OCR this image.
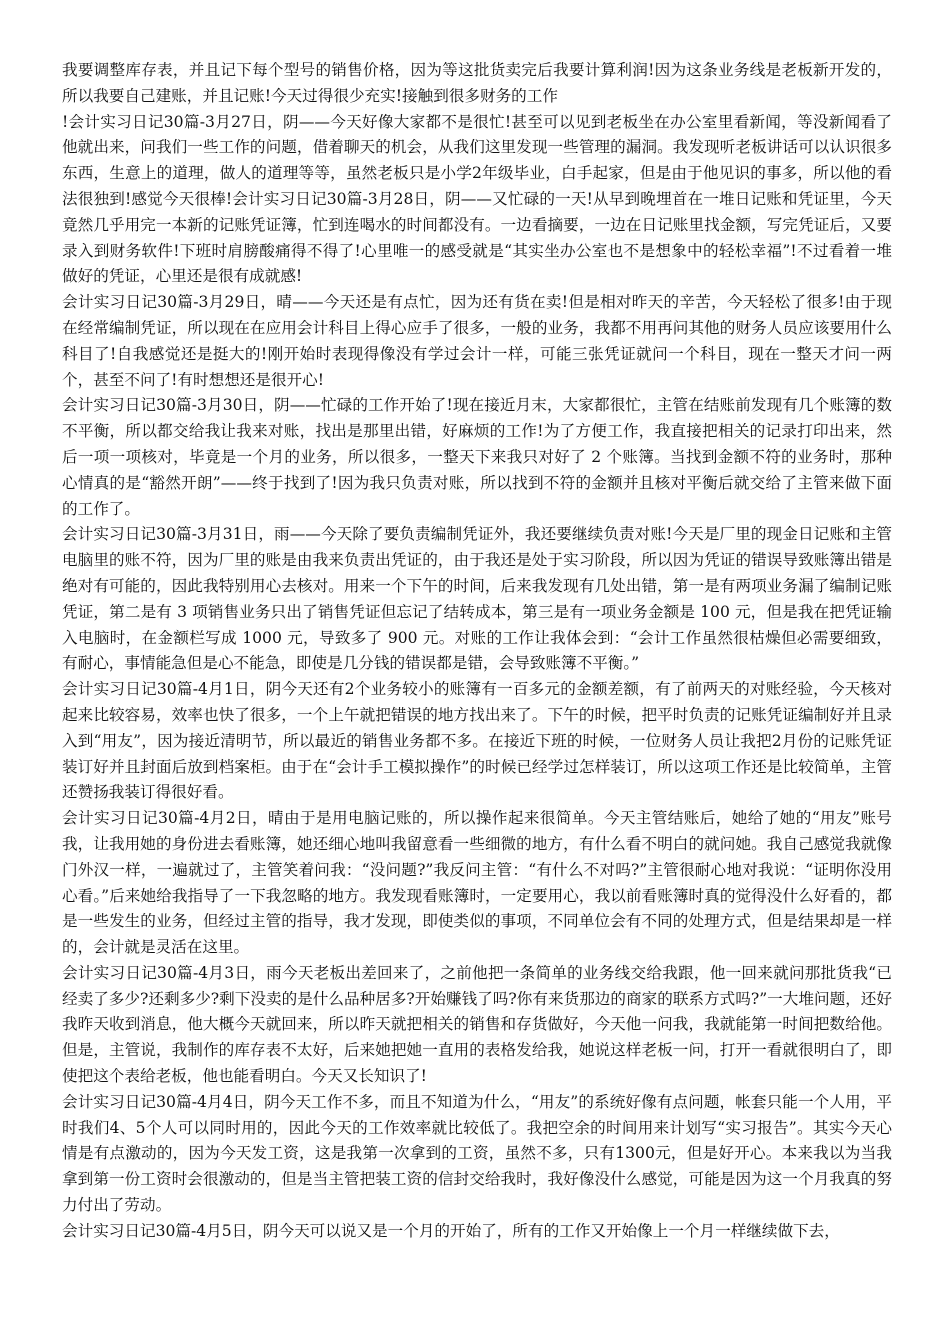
我要调整库存表，并且记下每个型号的销售价格，因为等这批货卖完后我要计算利润!因为这条业务线是老板新开发的，所以我要自己建账，并且记账!今天过得很少充实!接触到很多财务的工作

!会计实习日记30篇-3月27日，阴——今天好像大家都不是很忙!甚至可以见到老板坐在办公室里看新闻，等没新闻看了他就出来，问我们一些工作的问题，借着聊天的机会，从我们这里发现一些管理的漏洞。我发现听老板讲话可以认识很多东西，生意上的道理，做人的道理等等，虽然老板只是小学2年级毕业，白手起家，但是由于他见识的事多，所以他的看法很独到!感觉今天很棒!会计实习日记30篇-3月28日，阴——又忙碌的一天!从早到晚埋首在一堆日记账和凭证里，今天竟然几乎用完一本新的记账凭证簿，忙到连喝水的时间都没有。一边看摘要，一边在日记账里找金额，写完凭证后，又要录入到财务软件!下班时肩膀酸痛得不得了!心里唯一的感受就是“其实坐办公室也不是想象中的轻松幸福”!不过看着一堆做好的凭证，心里还是很有成就感!

会计实习日记30篇-3月29日，晴——今天还是有点忙，因为还有货在卖!但是相对昨天的辛苦，今天轻松了很多!由于现在经常编制凭证，所以现在在应用会计科目上得心应手了很多，一般的业务，我都不用再问其他的财务人员应该要用什么科目了!自我感觉还是挺大的!刚开始时表现得像没有学过会计一样，可能三张凭证就问一个科目，现在一整天才问一两个，甚至不问了!有时想想还是很开心!

会计实习日记30篇-3月30日，阴——忙碌的工作开始了!现在接近月末，大家都很忙，主管在结账前发现有几个账簿的数不平衡，所以都交给我让我来对账，找出是那里出错，好麻烦的工作!为了方便工作，我直接把相关的记录打印出来，然后一项一项核对，毕竟是一个月的业务，所以很多，一整天下来我只对好了 2 个账簿。当找到金额不符的业务时，那种心情真的是“豁然开朗”——终于找到了!因为我只负责对账，所以找到不符的金额并且核对平衡后就交给了主管来做下面的工作了。

会计实习日记30篇-3月31日，雨——今天除了要负责编制凭证外，我还要继续负责对账!今天是厂里的现金日记账和主管电脑里的账不符，因为厂里的账是由我来负责出凭证的，由于我还是处于实习阶段，所以因为凭证的错误导致账簿出错是绝对有可能的，因此我特别用心去核对。用来一个下午的时间，后来我发现有几处出错，第一是有两项业务漏了编制记账凭证，第二是有 3 项销售业务只出了销售凭证但忘记了结转成本，第三是有一项业务金额是 100 元，但是我在把凭证输入电脑时，在金额栏写成 1000 元，导致多了 900 元。对账的工作让我体会到：“会计工作虽然很枯燥但必需要细致，有耐心，事情能急但是心不能急，即使是几分钱的错误都是错，会导致账簿不平衡。”

会计实习日记30篇-4月1日，阴今天还有2个业务较小的账簿有一百多元的金额差额，有了前两天的对账经验，今天核对起来比较容易，效率也快了很多，一个上午就把错误的地方找出来了。下午的时候，把平时负责的记账凭证编制好并且录入到“用友”，因为接近清明节，所以最近的销售业务都不多。在接近下班的时候，一位财务人员让我把2月份的记账凭证装订好并且封面后放到档案柜。由于在“会计手工模拟操作”的时候已经学过怎样装订，所以这项工作还是比较简单，主管还赞扬我装订得很好看。

会计实习日记30篇-4月2日，晴由于是用电脑记账的，所以操作起来很简单。今天主管结账后，她给了她的“用友”账号我，让我用她的身份进去看账簿，她还细心地叫我留意看一些细微的地方，有什么看不明白的就问她。我自己感觉我就像门外汉一样，一遍就过了，主管笑着问我：“没问题?”我反问主管：“有什么不对吗?”主管很耐心地对我说：“证明你没用心看。”后来她给我指导了一下我忽略的地方。我发现看账簿时，一定要用心，我以前看账簿时真的觉得没什么好看的，都是一些发生的业务，但经过主管的指导，我才发现，即使类似的事项，不同单位会有不同的处理方式，但是结果却是一样的，会计就是灵活在这里。

会计实习日记30篇-4月3日，雨今天老板出差回来了，之前他把一条简单的业务线交给我跟，他一回来就问那批货我“已经卖了多少?还剩多少?剩下没卖的是什么品种居多?开始赚钱了吗?你有来货那边的商家的联系方式吗?”一大堆问题，还好我昨天收到消息，他大概今天就回来，所以昨天就把相关的销售和存货做好，今天他一问我，我就能第一时间把数给他。但是，主管说，我制作的库存表不太好，后来她把她一直用的表格发给我，她说这样老板一问，打开一看就很明白了，即使把这个表给老板，他也能看明白。今天又长知识了!

会计实习日记30篇-4月4日，阴今天工作不多，而且不知道为什么，“用友”的系统好像有点问题，帐套只能一个人用，平时我们4、5个人可以同时用的，因此今天的工作效率就比较低了。我把空余的时间用来计划写“实习报告”。其实今天心情是有点激动的，因为今天发工资，这是我第一次拿到的工资，虽然不多，只有1300元，但是好开心。本来我以为当我拿到第一份工资时会很激动的，但是当主管把装工资的信封交给我时，我好像没什么感觉，可能是因为这一个月我真的努力付出了劳动。

会计实习日记30篇-4月5日，阴今天可以说又是一个月的开始了，所有的工作又开始像上一个月一样继续做下去，
